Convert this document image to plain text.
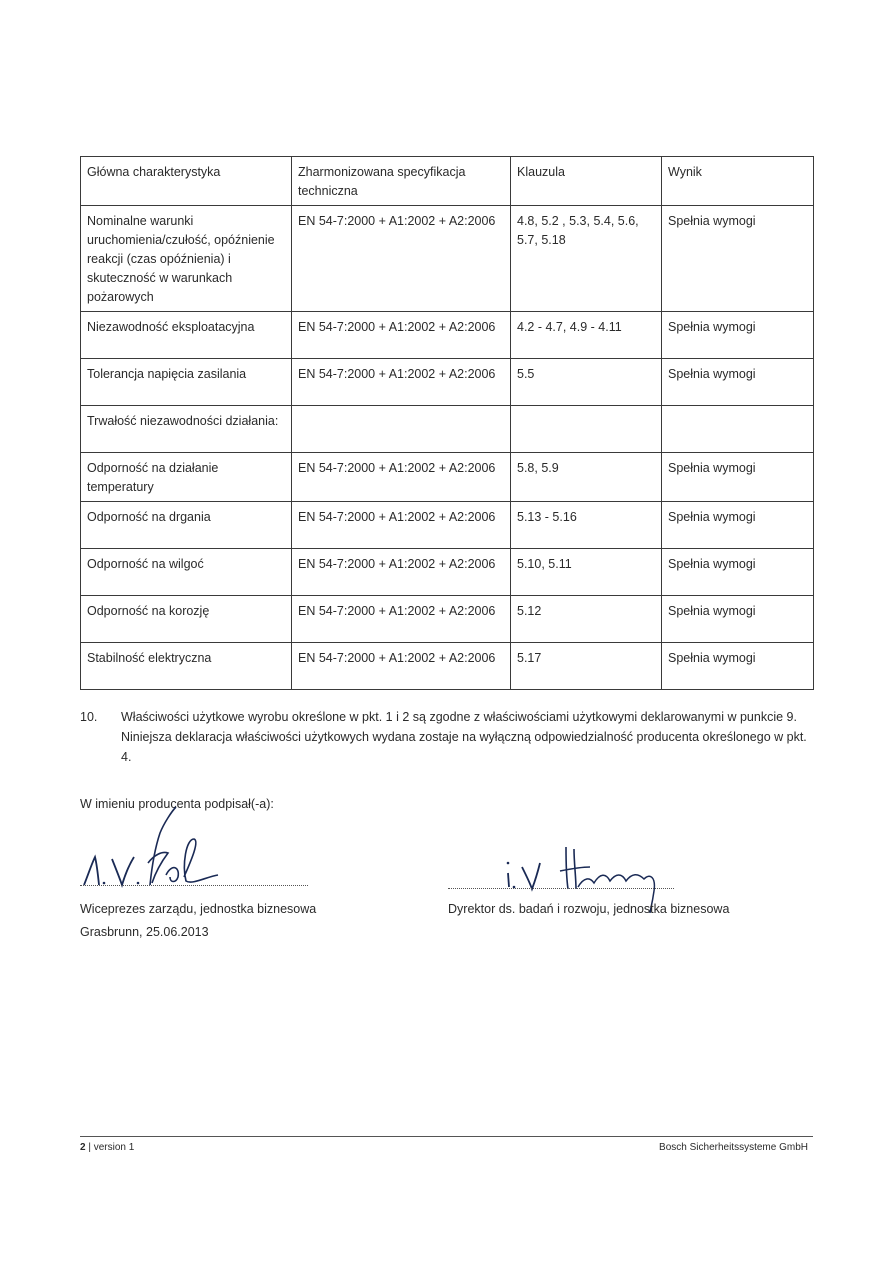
Główna charakterystyka	Zharmonizowana specyfikacja techniczna	Klauzula	Wynik
Nominalne warunki uruchomienia/czułość, opóźnienie reakcji (czas opóźnienia) i skuteczność w warunkach pożarowych	EN 54-7:2000 + A1:2002 + A2:2006	4.8, 5.2 , 5.3, 5.4, 5.6, 5.7, 5.18	Spełnia wymogi
Niezawodność eksploatacyjna	EN 54-7:2000 + A1:2002 + A2:2006	4.2 - 4.7, 4.9 - 4.11	Spełnia wymogi
Tolerancja napięcia zasilania	EN 54-7:2000 + A1:2002 + A2:2006	5.5	Spełnia wymogi
Trwałość niezawodności działania:			
Odporność na działanie temperatury	EN 54-7:2000 + A1:2002 + A2:2006	5.8, 5.9	Spełnia wymogi
Odporność na drgania	EN 54-7:2000 + A1:2002 + A2:2006	5.13 - 5.16	Spełnia wymogi
Odporność na wilgoć	EN 54-7:2000 + A1:2002 + A2:2006	5.10, 5.11	Spełnia wymogi
Odporność na korozję	EN 54-7:2000 + A1:2002 + A2:2006	5.12	Spełnia wymogi
Stabilność elektryczna	EN 54-7:2000 + A1:2002 + A2:2006	5.17	Spełnia wymogi
10. Właściwości użytkowe wyrobu określone w pkt. 1 i 2 są zgodne z właściwościami użytkowymi deklarowanymi w punkcie 9.

Niniejsza deklaracja właściwości użytkowych wydana zostaje na wyłączną odpowiedzialność producenta określonego w pkt. 4.

W imieniu producenta podpisał(-a):
Wiceprezes zarządu, jednostka biznesowa
Grasbrunn, 25.06.2013
Dyrektor ds. badań i rozwoju, jednostka biznesowa
2 | version 1	Bosch Sicherheitssysteme GmbH
